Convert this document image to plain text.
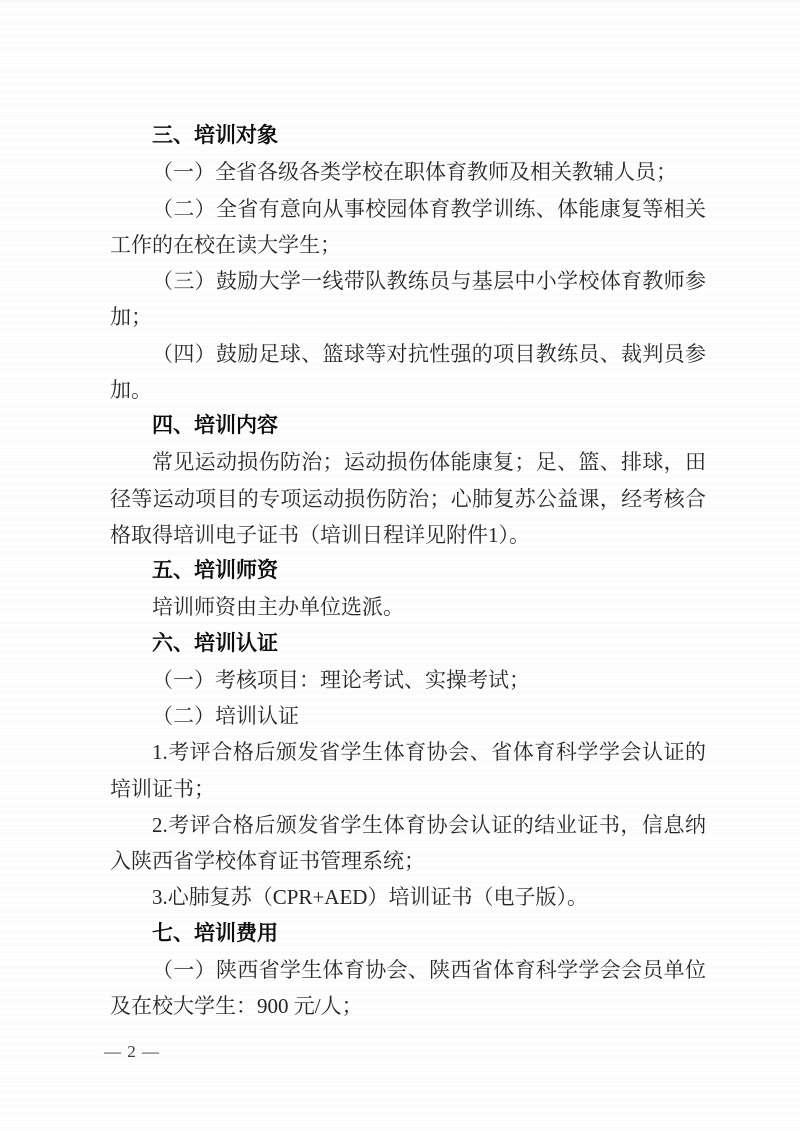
三、培训对象

（一）全省各级各类学校在职体育教师及相关教辅人员；

（二）全省有意向从事校园体育教学训练、体能康复等相关工作的在校在读大学生；

（三）鼓励大学一线带队教练员与基层中小学校体育教师参加；

（四）鼓励足球、篮球等对抗性强的项目教练员、裁判员参加。

四、培训内容

常见运动损伤防治；运动损伤体能康复；足、篮、排球，田径等运动项目的专项运动损伤防治；心肺复苏公益课，经考核合格取得培训电子证书（培训日程详见附件1）。

五、培训师资

培训师资由主办单位选派。

六、培训认证

（一）考核项目：理论考试、实操考试；

（二）培训认证

1.考评合格后颁发省学生体育协会、省体育科学学会认证的培训证书；

2.考评合格后颁发省学生体育协会认证的结业证书，信息纳入陕西省学校体育证书管理系统；

3.心肺复苏（CPR+AED）培训证书（电子版）。

七、培训费用

（一）陕西省学生体育协会、陕西省体育科学学会会员单位及在校大学生：900 元/人；

— 2 —
